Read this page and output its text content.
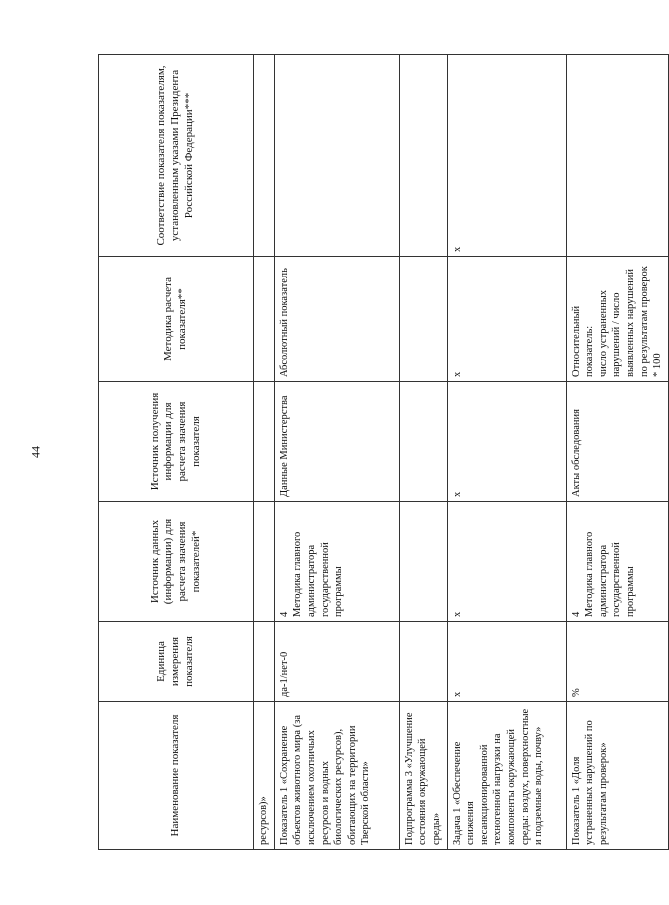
44
Наименование показателя	Единица измерения показателя	Источник данных (информации) для расчета значения показателей*	Источник получения информации для расчета значения показателя	Методика расчета показателя**	Соответствие показателя показателям, установленным указами Президента Российской Федерации***
ресурсов)»					
Показатель 1 «Сохранение объектов животного мира (за исключением охотничьих ресурсов и водных биологических ресурсов), обитающих на территории Тверской области»	да-1/нет-0	4 Методика главного администратора государственной программы	Данные Министерства	Абсолютный показатель	
Подпрограмма 3 «Улучшение состояния окружающей среды»					
Задача 1 «Обеспечение снижения несанкционированной техногенной нагрузки на компоненты окружающей среды: воздух, поверхностные и подземные воды, почву»	x	x	x	x	x
Показатель 1 «Доля устраненных нарушений по результатам проверок»	%	4 Методика главного администратора государственной программы	Акты обследования	Относительный показатель: число устраненных нарушений / число выявленных нарушений по результатам проверок * 100	
